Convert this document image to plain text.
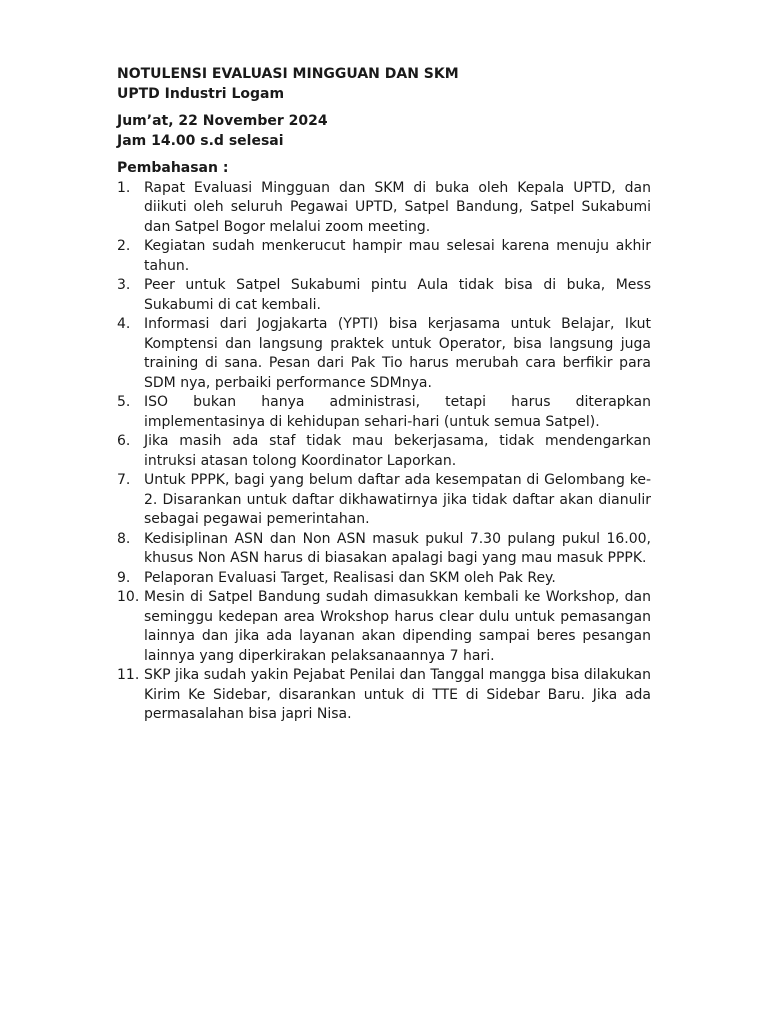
NOTULENSI EVALUASI MINGGUAN DAN SKM
UPTD Industri Logam
Jum’at, 22 November 2024
Jam 14.00 s.d selesai
Pembahasan :
1. Rapat Evaluasi Mingguan dan SKM di buka oleh Kepala UPTD, dan diikuti oleh seluruh Pegawai UPTD, Satpel Bandung, Satpel Sukabumi dan Satpel Bogor melalui zoom meeting.
2. Kegiatan sudah menkerucut hampir mau selesai karena menuju akhir tahun.
3. Peer untuk Satpel Sukabumi pintu Aula tidak bisa di buka, Mess Sukabumi di cat kembali.
4. Informasi dari Jogjakarta (YPTI) bisa kerjasama untuk Belajar, Ikut Komptensi dan langsung praktek untuk Operator, bisa langsung juga training di sana. Pesan dari Pak Tio harus merubah cara berfikir para SDM nya, perbaiki performance SDMnya.
5. ISO bukan hanya administrasi, tetapi harus diterapkan implementasinya di kehidupan sehari-hari (untuk semua Satpel).
6. Jika masih ada staf tidak mau bekerjasama, tidak mendengarkan intruksi atasan tolong Koordinator Laporkan.
7. Untuk PPPK, bagi yang belum daftar ada kesempatan di Gelombang ke-2. Disarankan untuk daftar dikhawatirnya jika tidak daftar akan dianulir sebagai pegawai pemerintahan.
8. Kedisiplinan ASN dan Non ASN masuk pukul 7.30 pulang pukul 16.00, khusus Non ASN harus di biasakan apalagi bagi yang mau masuk PPPK.
9. Pelaporan Evaluasi Target, Realisasi dan SKM oleh Pak Rey.
10. Mesin di Satpel Bandung sudah dimasukkan kembali ke Workshop, dan seminggu kedepan area Wrokshop harus clear dulu untuk pemasangan lainnya dan jika ada layanan akan dipending sampai beres pesangan lainnya yang diperkirakan pelaksanaannya 7 hari.
11. SKP jika sudah yakin Pejabat Penilai dan Tanggal mangga bisa dilakukan Kirim Ke Sidebar, disarankan untuk di TTE di Sidebar Baru. Jika ada permasalahan bisa japri Nisa.
